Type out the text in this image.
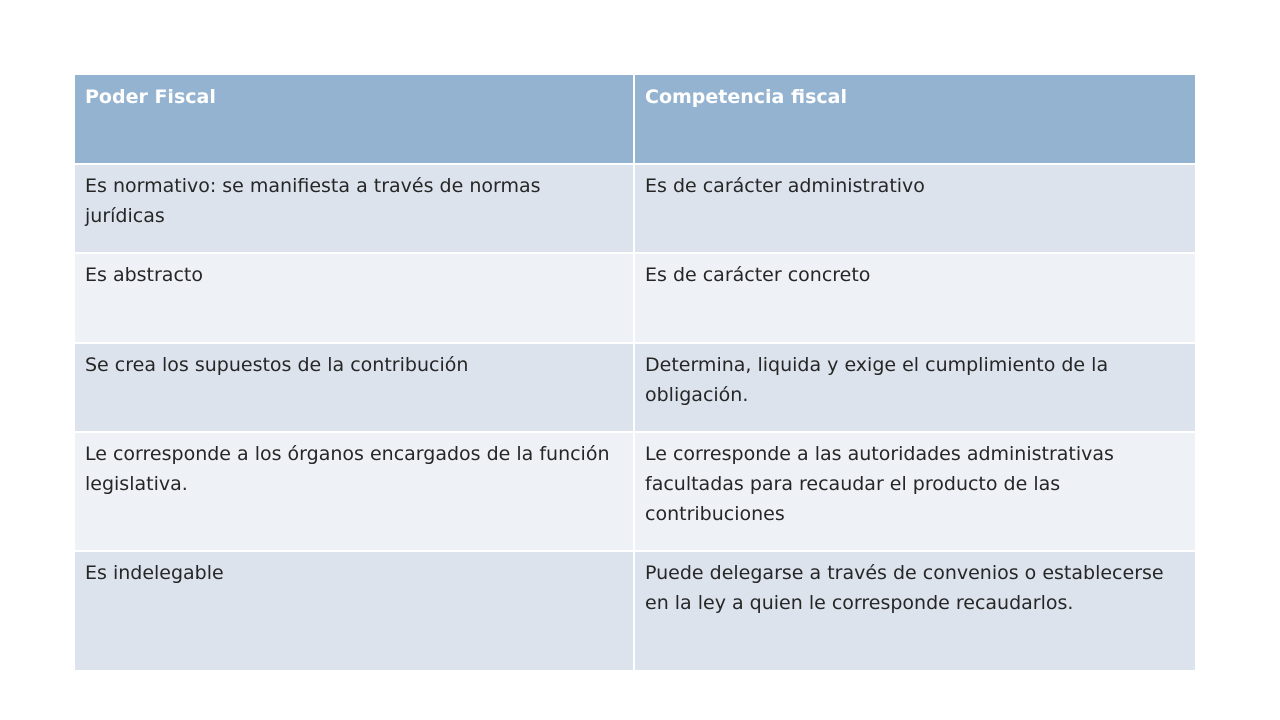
Poder Fiscal	Competencia fiscal
Es normativo: se manifiesta a través de normas jurídicas	Es de carácter administrativo
Es abstracto	Es de carácter concreto
Se crea los supuestos de la contribución	Determina, liquida y exige el cumplimiento de la obligación.
Le corresponde a los órganos encargados de la función legislativa.	Le corresponde a las autoridades administrativas facultadas para recaudar el producto de las contribuciones
Es indelegable	Puede delegarse a través de convenios o establecerse en la ley a quien le corresponde recaudarlos.
